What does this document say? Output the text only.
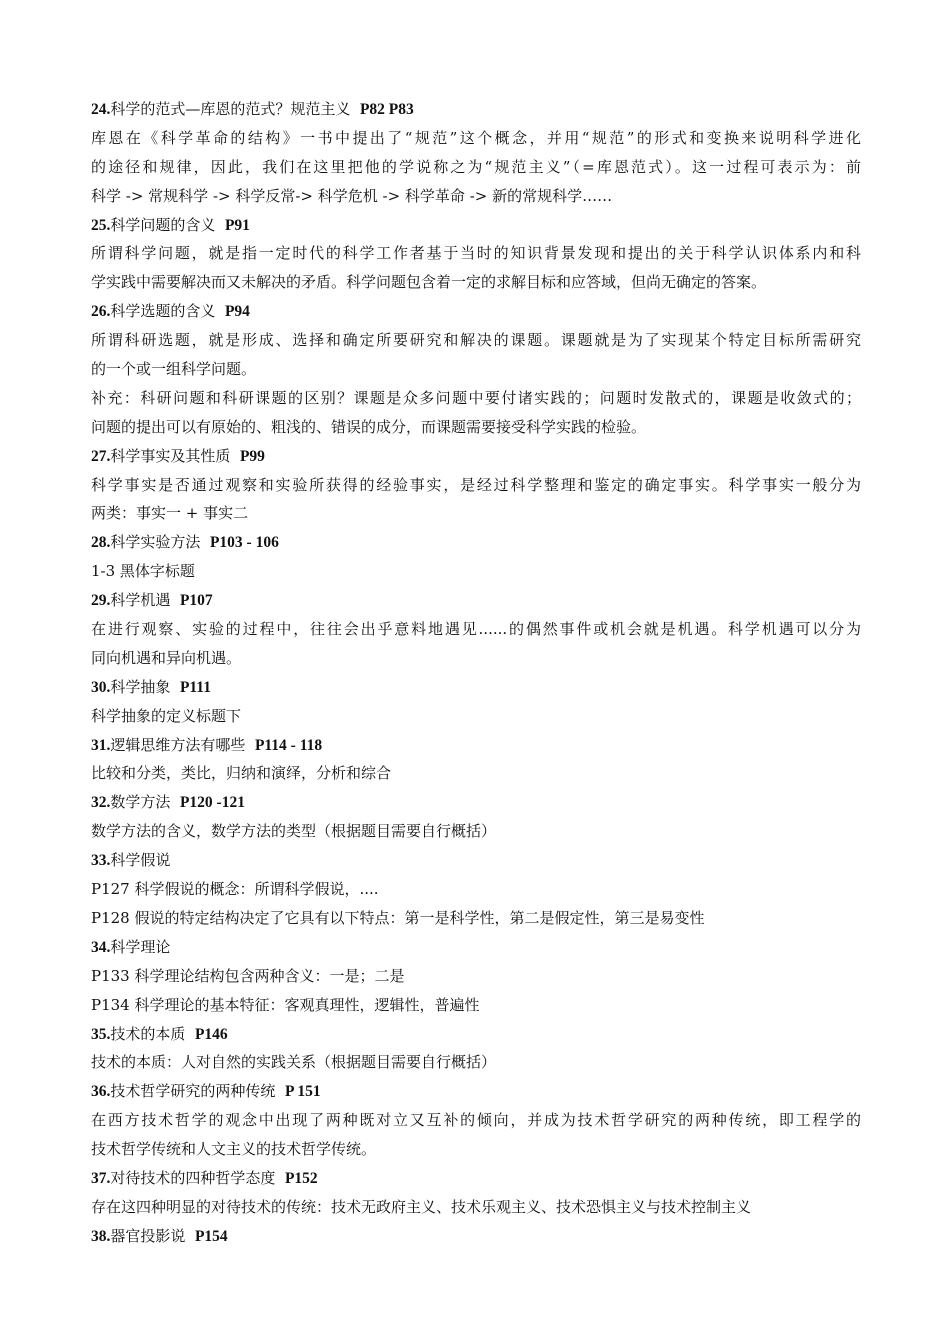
24.科学的范式—库恩的范式？规范主义 P82 P83
库恩在《科学革命的结构》一书中提出了“规范”这个概念，并用“规范”的形式和变换来说明科学进化
的途径和规律，因此，我们在这里把他的学说称之为“规范主义”（=库恩范式）。这一过程可表示为：前
科学 -> 常规科学 -> 科学反常-> 科学危机 -> 科学革命 -> 新的常规科学……
25.科学问题的含义 P91
所谓科学问题，就是指一定时代的科学工作者基于当时的知识背景发现和提出的关于科学认识体系内和科
学实践中需要解决而又未解决的矛盾。科学问题包含着一定的求解目标和应答域，但尚无确定的答案。
26.科学选题的含义 P94
所谓科研选题，就是形成、选择和确定所要研究和解决的课题。课题就是为了实现某个特定目标所需研究
的一个或一组科学问题。
补充：科研问题和科研课题的区别？课题是众多问题中要付诸实践的；问题时发散式的，课题是收敛式的；
问题的提出可以有原始的、粗浅的、错误的成分，而课题需要接受科学实践的检验。
27.科学事实及其性质 P99
科学事实是否通过观察和实验所获得的经验事实，是经过科学整理和鉴定的确定事实。科学事实一般分为
两类：事实一 + 事实二
28.科学实验方法 P103 - 106
1-3 黑体字标题
29.科学机遇 P107
在进行观察、实验的过程中，往往会出乎意料地遇见......的偶然事件或机会就是机遇。科学机遇可以分为
同向机遇和异向机遇。
30.科学抽象 P111
科学抽象的定义标题下
31.逻辑思维方法有哪些 P114 - 118
比较和分类，类比，归纳和演绎，分析和综合
32.数学方法 P120 -121
数学方法的含义，数学方法的类型（根据题目需要自行概括）
33.科学假说
P127 科学假说的概念：所谓科学假说，....
P128 假说的特定结构决定了它具有以下特点：第一是科学性，第二是假定性，第三是易变性
34.科学理论
P133 科学理论结构包含两种含义：一是；二是
P134 科学理论的基本特征：客观真理性，逻辑性，普遍性
35.技术的本质 P146
技术的本质：人对自然的实践关系（根据题目需要自行概括）
36.技术哲学研究的两种传统 P 151
在西方技术哲学的观念中出现了两种既对立又互补的倾向，并成为技术哲学研究的两种传统，即工程学的
技术哲学传统和人文主义的技术哲学传统。
37.对待技术的四种哲学态度 P152
存在这四种明显的对待技术的传统：技术无政府主义、技术乐观主义、技术恐惧主义与技术控制主义
38.器官投影说 P154
